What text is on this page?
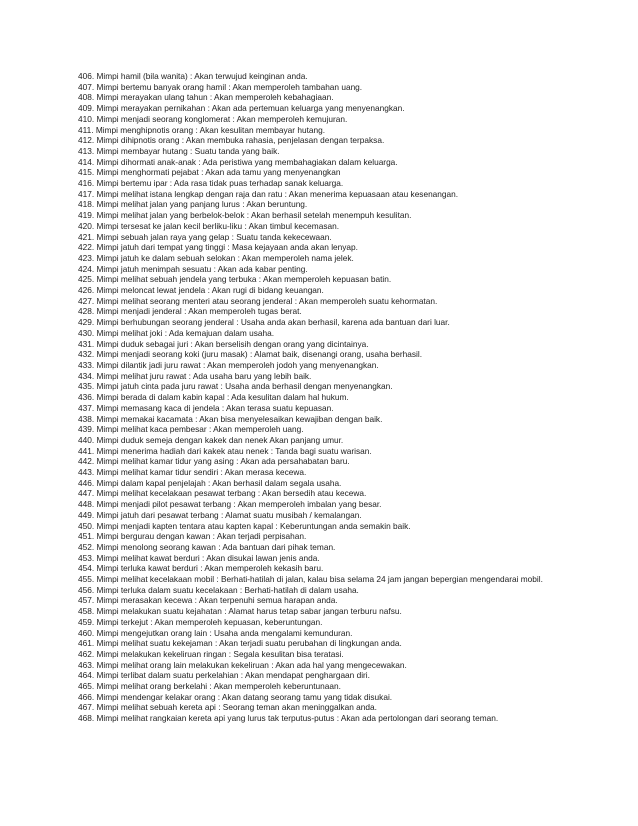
406. Mimpi hamil (bila wanita) : Akan terwujud keinginan anda.

407. Mimpi bertemu banyak orang hamil : Akan memperoleh tambahan uang.

408. Mimpi merayakan ulang tahun : Akan memperoleh kebahagiaan.

409. Mimpi merayakan pernikahan : Akan ada pertemuan keluarga yang menyenangkan.

410. Mimpi menjadi seorang konglomerat : Akan memperoleh kemujuran.

411. Mimpi menghipnotis orang : Akan kesulitan membayar hutang.

412. Mimpi dihipnotis orang : Akan membuka rahasia, penjelasan dengan terpaksa.

413. Mimpi membayar hutang : Suatu tanda yang baik.

414. Mimpi dihormati anak-anak : Ada peristiwa yang membahagiakan dalam keluarga.

415. Mimpi menghormati pejabat : Akan ada tamu yang menyenangkan

416. Mimpi bertemu ipar : Ada rasa tidak puas terhadap sanak keluarga.

417. Mimpi melihat istana lengkap dengan raja dan ratu : Akan menerima kepuasaan atau kesenangan.

418. Mimpi melihat jalan yang panjang lurus : Akan beruntung.

419. Mimpi melihat jalan yang berbelok-belok : Akan berhasil setelah menempuh kesulitan.

420. Mimpi tersesat ke jalan kecil berliku-liku : Akan timbul kecemasan.

421. Mimpi sebuah jalan raya yang gelap : Suatu tanda kekecewaan.

422. Mimpi jatuh dari tempat yang tinggi : Masa kejayaan anda akan lenyap.

423. Mimpi jatuh ke dalam sebuah selokan : Akan memperoleh nama jelek.

424. Mimpi jatuh menimpah sesuatu : Akan ada kabar penting.

425. Mimpi melihat sebuah jendela yang terbuka : Akan memperoleh kepuasan batin.

426. Mimpi meloncat lewat jendela : Akan rugi di bidang keuangan.

427. Mimpi melihat seorang menteri atau seorang jenderal : Akan memperoleh suatu kehormatan.

428. Mimpi menjadi jenderal : Akan memperoleh tugas berat.

429. Mimpi berhubungan seorang jenderal : Usaha anda akan berhasil, karena ada bantuan dari luar.

430. Mimpi melihat joki : Ada kemajuan dalam usaha.

431. Mimpi duduk sebagai juri : Akan berselisih dengan orang yang dicintainya.

432. Mimpi menjadi seorang koki (juru masak) : Alamat baik, disenangi orang, usaha berhasil.

433. Mimpi dilantik jadi juru rawat : Akan memperoleh jodoh yang menyenangkan.

434. Mimpi melihat juru rawat : Ada usaha baru yang lebih baik.

435. Mimpi jatuh cinta pada juru rawat : Usaha anda berhasil dengan menyenangkan.

436. Mimpi berada di dalam kabin kapal : Ada kesulitan dalam hal hukum.

437. Mimpi memasang kaca di jendela : Akan terasa suatu kepuasan.

438. Mimpi memakai kacamata : Akan bisa menyelesaikan kewajiban dengan baik.

439. Mimpi melihat kaca pembesar : Akan memperoleh uang.

440. Mimpi duduk semeja dengan kakek dan nenek Akan panjang umur.

441. Mimpi menerima hadiah dari kakek atau nenek : Tanda bagi suatu warisan.

442. Mimpi melihat kamar tidur yang asing : Akan ada persahabatan baru.

443. Mimpi melihat kamar tidur sendiri : Akan merasa kecewa.

446. Mimpi dalam kapal penjelajah : Akan berhasil dalam segala usaha.

447. Mimpi melihat kecelakaan pesawat terbang : Akan bersedih atau kecewa.

448. Mimpi menjadi pilot pesawat terbang : Akan memperoleh imbalan yang besar.

449. Mimpi jatuh dari pesawat terbang : Alamat suatu musibah / kemalangan.

450. Mimpi menjadi kapten tentara atau kapten kapal : Keberuntungan anda semakin baik.

451. Mimpi bergurau dengan kawan : Akan terjadi perpisahan.

452. Mimpi menolong seorang kawan : Ada bantuan dari pihak teman.

453. Mimpi melihat kawat berduri : Akan disukai lawan jenis anda.

454. Mimpi terluka kawat berduri : Akan memperoleh kekasih baru.

455. Mimpi melihat kecelakaan mobil : Berhati-hatilah di jalan, kalau bisa selama 24 jam jangan bepergian mengendarai mobil.

456. Mimpi terluka dalam suatu kecelakaan : Berhati-hatilah di dalam usaha.

457. Mimpi merasakan kecewa : Akan terpenuhi semua harapan anda.

458. Mimpi melakukan suatu kejahatan : Alamat harus tetap sabar jangan terburu nafsu.

459. Mimpi terkejut : Akan memperoleh kepuasan, keberuntungan.

460. Mimpi mengejutkan orang lain : Usaha anda mengalami kemunduran.

461. Mimpi melihat suatu kekejaman : Akan terjadi suatu perubahan di lingkungan anda.

462. Mimpi melakukan kekeliruan ringan : Segala kesulitan bisa teratasi.

463. Mimpi melihat orang lain melakukan kekeliruan : Akan ada hal yang mengecewakan.

464. Mimpi terlibat dalam suatu perkelahian : Akan mendapat penghargaan diri.

465. Mimpi melihat orang berkelahi : Akan memperoleh keberuntunaan.

466. Mimpi mendengar kelakar orang : Akan datang seorang tamu yang tidak disukai.

467. Mimpi melihat sebuah kereta api : Seorang teman akan meninggalkan anda.

468. Mimpi melihat rangkaian kereta api yang lurus tak terputus-putus : Akan ada pertolongan dari seorang teman.
